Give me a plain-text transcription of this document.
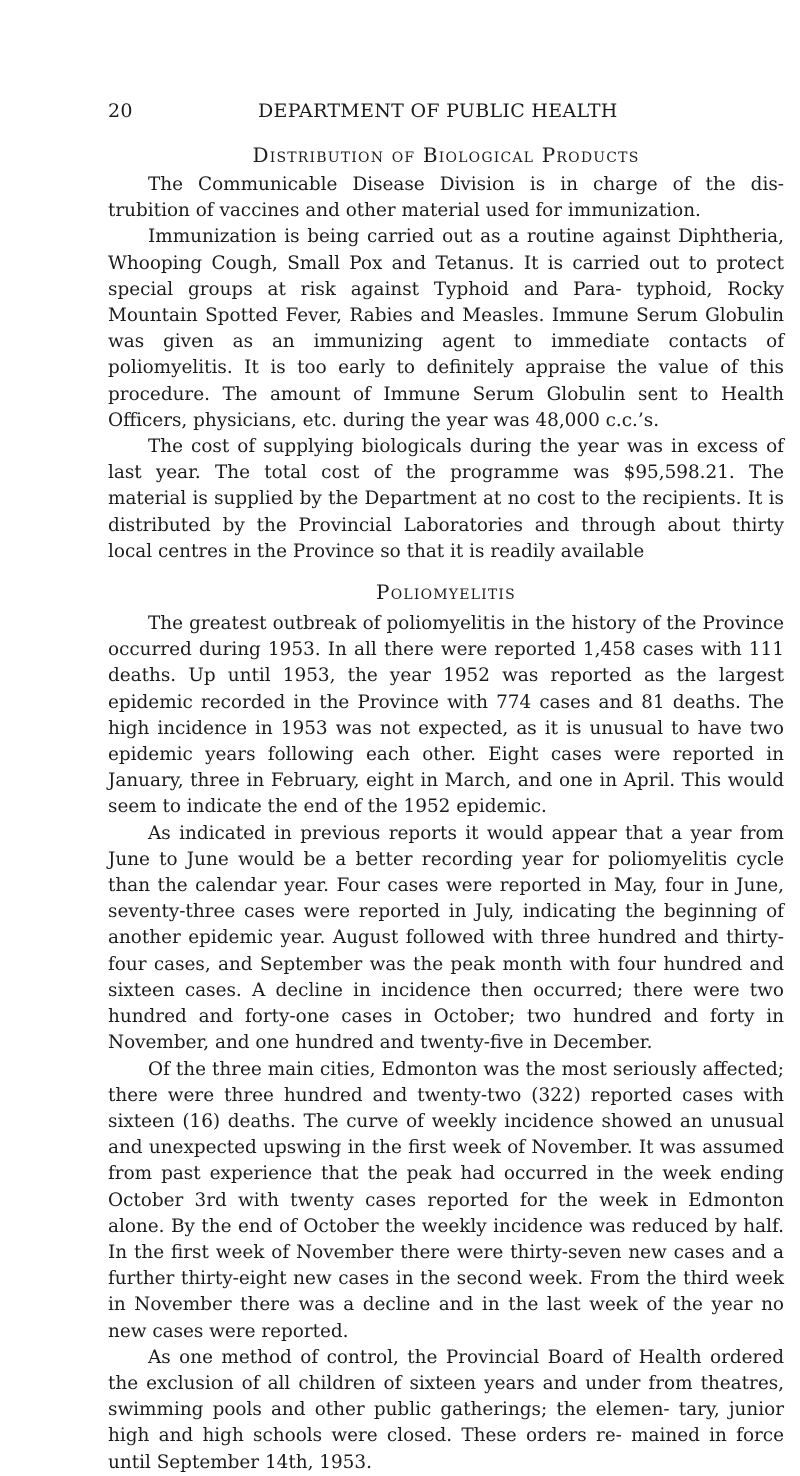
20	DEPARTMENT OF PUBLIC HEALTH
Distribution of Biological Products

The Communicable Disease Division is in charge of the dis- trubition of vaccines and other material used for immunization.

Immunization is being carried out as a routine against Diphtheria, Whooping Cough, Small Pox and Tetanus. It is carried out to protect special groups at risk against Typhoid and Para- typhoid, Rocky Mountain Spotted Fever, Rabies and Measles. Immune Serum Globulin was given as an immunizing agent to immediate contacts of poliomyelitis. It is too early to definitely appraise the value of this procedure. The amount of Immune Serum Globulin sent to Health Officers, physicians, etc. during the year was 48,000 c.c.’s.

The cost of supplying biologicals during the year was in excess of last year. The total cost of the programme was $95,598.21. The material is supplied by the Department at no cost to the recipients. It is distributed by the Provincial Laboratories and through about thirty local centres in the Province so that it is readily available

Poliomyelitis

The greatest outbreak of poliomyelitis in the history of the Province occurred during 1953. In all there were reported 1,458 cases with 111 deaths. Up until 1953, the year 1952 was reported as the largest epidemic recorded in the Province with 774 cases and 81 deaths. The high incidence in 1953 was not expected, as it is unusual to have two epidemic years following each other. Eight cases were reported in January, three in February, eight in March, and one in April. This would seem to indicate the end of the 1952 epidemic.

As indicated in previous reports it would appear that a year from June to June would be a better recording year for poliomyelitis cycle than the calendar year. Four cases were reported in May, four in June, seventy-three cases were reported in July, indicating the beginning of another epidemic year. August followed with three hundred and thirty-four cases, and September was the peak month with four hundred and sixteen cases. A decline in incidence then occurred; there were two hundred and forty-one cases in October; two hundred and forty in November, and one hundred and twenty-five in December.

Of the three main cities, Edmonton was the most seriously affected; there were three hundred and twenty-two (322) reported cases with sixteen (16) deaths. The curve of weekly incidence showed an unusual and unexpected upswing in the first week of November. It was assumed from past experience that the peak had occurred in the week ending October 3rd with twenty cases reported for the week in Edmonton alone. By the end of October the weekly incidence was reduced by half. In the first week of November there were thirty-seven new cases and a further thirty-eight new cases in the second week. From the third week in November there was a decline and in the last week of the year no new cases were reported.

As one method of control, the Provincial Board of Health ordered the exclusion of all children of sixteen years and under from theatres, swimming pools and other public gatherings; the elemen- tary, junior high and high schools were closed. These orders re- mained in force until September 14th, 1953.
